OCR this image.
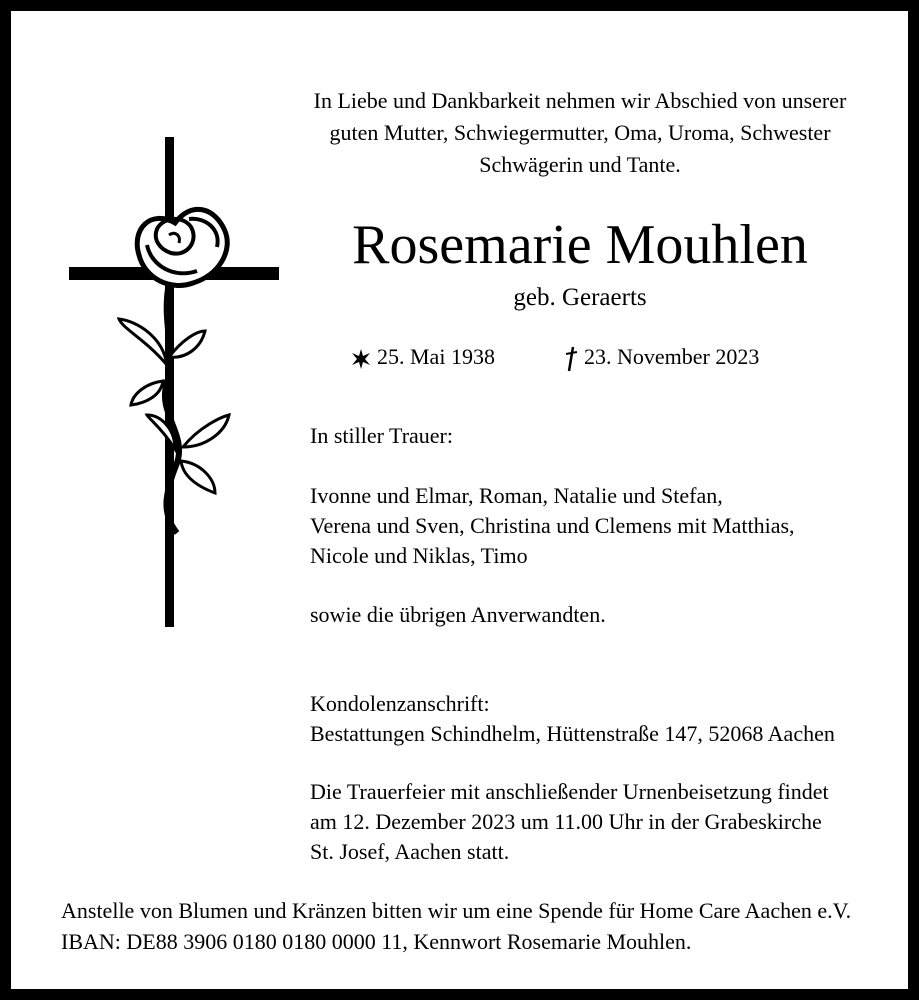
In Liebe und Dankbarkeit nehmen wir Abschied von unserer
guten Mutter, Schwiegermutter, Oma, Uroma, Schwester
Schwägerin und Tante.
Rosemarie Mouhlen
geb. Geraerts
25. Mai 1938	23. November 2023
In stiller Trauer:
Ivonne und Elmar, Roman, Natalie und Stefan,
Verena und Sven, Christina und Clemens mit Matthias,
Nicole und Niklas, Timo
sowie die übrigen Anverwandten.
Kondolenzanschrift:
Bestattungen Schindhelm, Hüttenstraße 147, 52068 Aachen
Die Trauerfeier mit anschließender Urnenbeisetzung findet
am 12. Dezember 2023 um 11.00 Uhr in der Grabeskirche
St. Josef, Aachen statt.
Anstelle von Blumen und Kränzen bitten wir um eine Spende für Home Care Aachen e.V.
IBAN: DE88 3906 0180 0180 0000 11, Kennwort Rosemarie Mouhlen.
